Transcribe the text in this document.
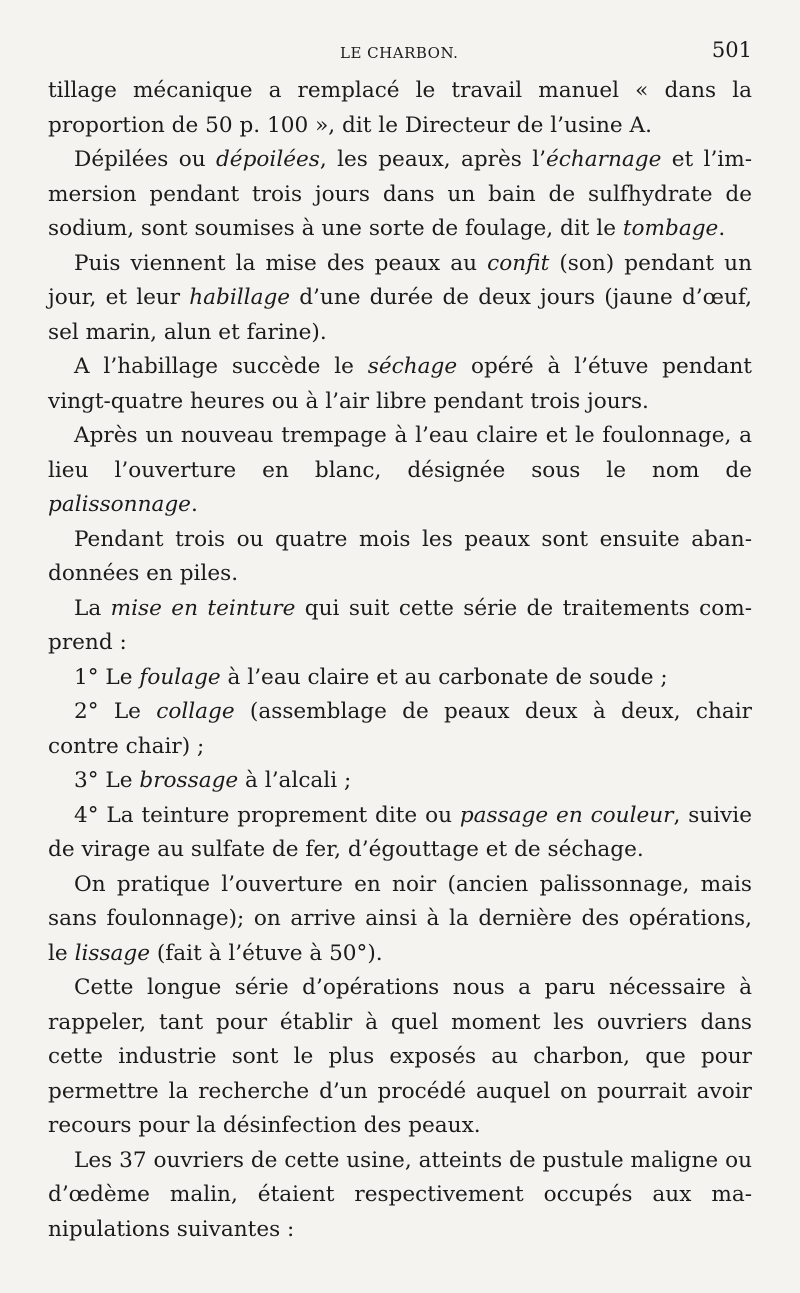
LE CHARBON.	501

tillage mécanique a remplacé le travail manuel « dans la proportion de 50 p. 100 », dit le Directeur de l’usine A.

Dépilées ou dépoilées, les peaux, après l’écharnage et l’immersion pendant trois jours dans un bain de sulfhydrate de sodium, sont soumises à une sorte de foulage, dit le tombage.

Puis viennent la mise des peaux au confit (son) pendant un jour, et leur habillage d’une durée de deux jours (jaune d’œuf, sel marin, alun et farine).

A l’habillage succède le séchage opéré à l’étuve pendant vingt-quatre heures ou à l’air libre pendant trois jours.

Après un nouveau trempage à l’eau claire et le foulonnage, a lieu l’ouverture en blanc, désignée sous le nom de palissonnage.

Pendant trois ou quatre mois les peaux sont ensuite abandonnées en piles.

La mise en teinture qui suit cette série de traitements comprend :

1° Le foulage à l’eau claire et au carbonate de soude ;

2° Le collage (assemblage de peaux deux à deux, chair contre chair) ;

3° Le brossage à l’alcali ;

4° La teinture proprement dite ou passage en couleur, suivie de virage au sulfate de fer, d’égouttage et de séchage.

On pratique l’ouverture en noir (ancien palissonnage, mais sans foulonnage); on arrive ainsi à la dernière des opérations, le lissage (fait à l’étuve à 50°).

Cette longue série d’opérations nous a paru nécessaire à rappeler, tant pour établir à quel moment les ouvriers dans cette industrie sont le plus exposés au charbon, que pour permettre la recherche d’un procédé auquel on pourrait avoir recours pour la désinfection des peaux.

Les 37 ouvriers de cette usine, atteints de pustule maligne ou d’œdème malin, étaient respectivement occupés aux manipulations suivantes :
